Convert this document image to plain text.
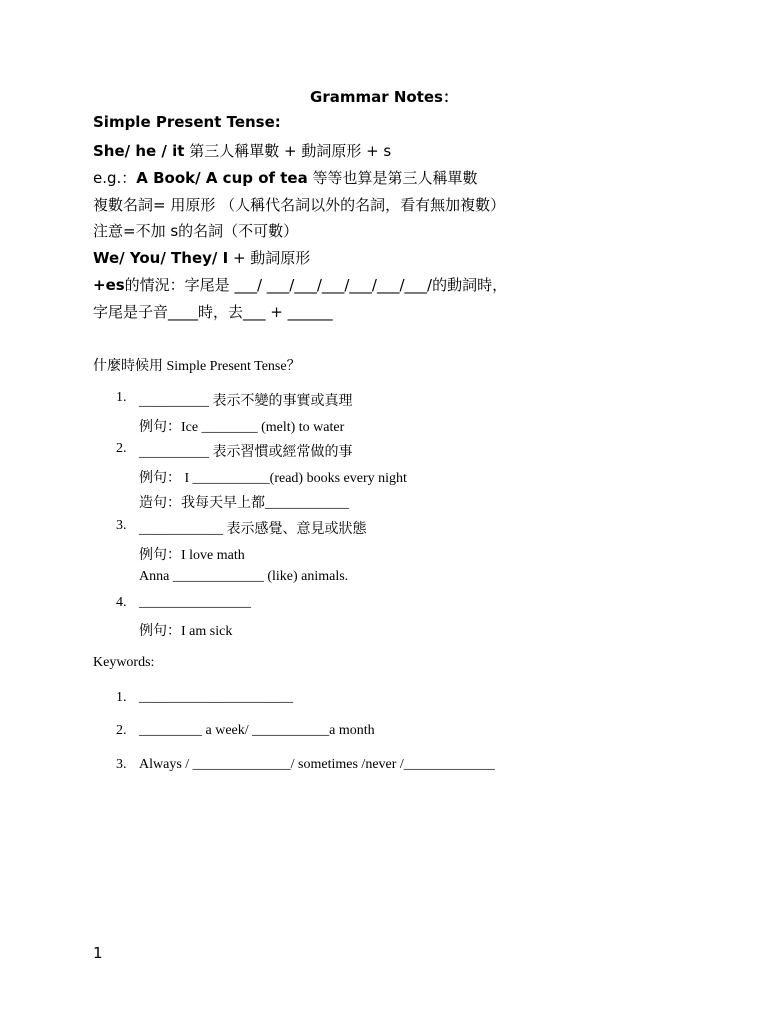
Grammar Notes：
Simple Present Tense:
She/ he / it 第三人稱單數 + 動詞原形 + s
e.g.：A Book/ A cup of tea 等等也算是第三人稱單數
複數名詞= 用原形 （人稱代名詞以外的名詞，看有無加複數）
注意=不加 s的名詞（不可數）
We/ You/ They/ I + 動詞原形
+es的情況：字尾是 ___/ ___/___/___/___/___/___/的動詞時，
字尾是子音____時，去___ + ______
什麼時候用 Simple Present Tense？
1. __________ 表示不變的事實或真理
例句：Ice ________ (melt) to water
2. __________ 表示習慣或經常做的事
例句： I ___________(read) books every night
造句：我每天早上都____________
3. ____________ 表示感覺、意見或狀態
例句：I love math
Anna _____________ (like) animals.
4. ________________
例句：I am sick
Keywords:
1. ______________________
2. _________ a week/ ___________a month
3. Always / ______________/ sometimes /never /_____________
1
